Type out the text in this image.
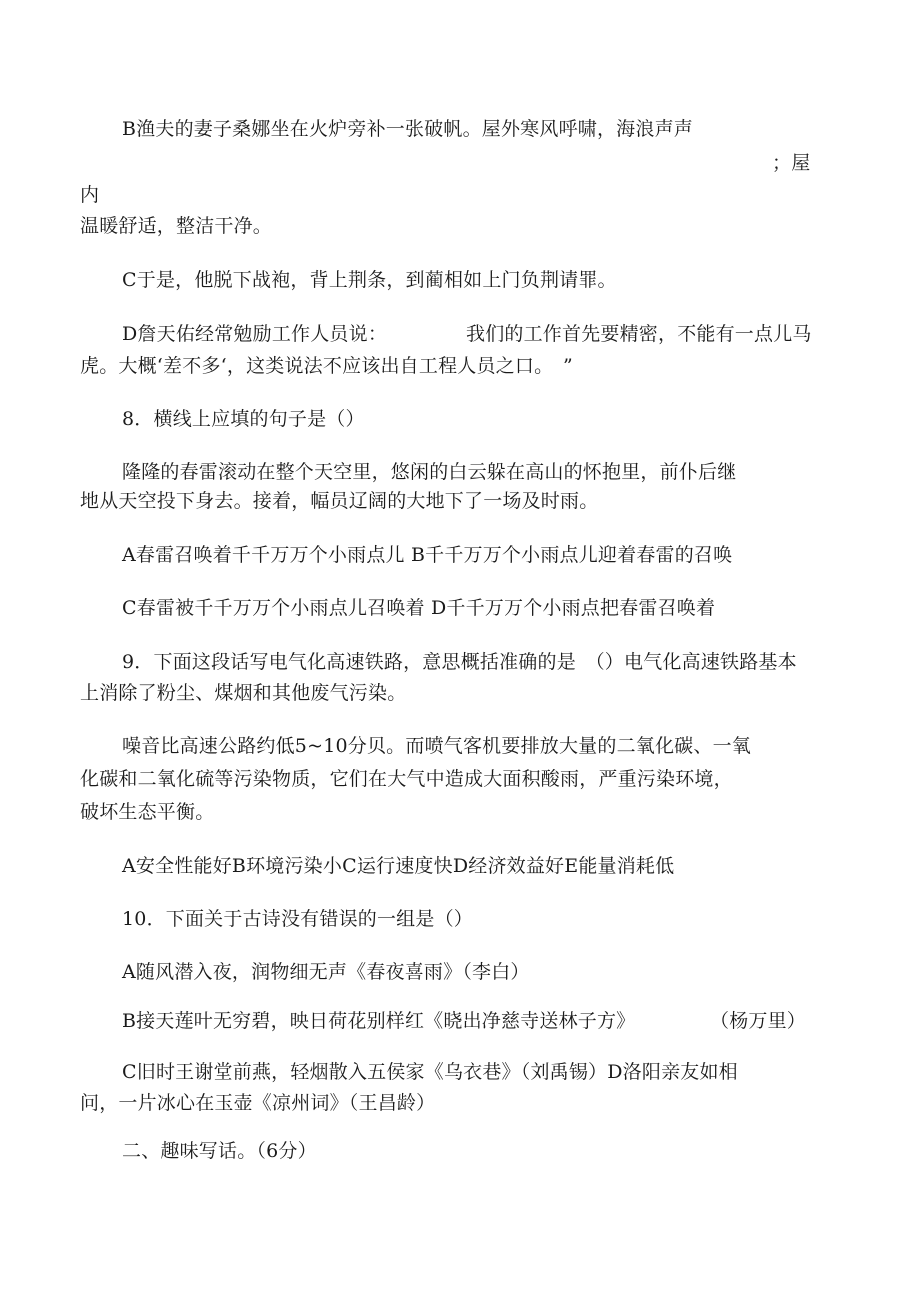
B渔夫的妻子桑娜坐在火炉旁补一张破帆。屋外寒风呼啸，海浪声声
；屋
内
温暖舒适，整洁干净。
C于是，他脱下战袍，背上荆条，到蔺相如上门负荆请罪。
D詹天佑经常勉励工作人员说：	我们的工作首先要精密，不能有一点儿马
虎。大概‘差不多‘，这类说法不应该出自工程人员之口。　”
8．横线上应填的句子是（）
隆隆的春雷滚动在整个天空里，悠闲的白云躲在高山的怀抱里，前仆后继
地从天空投下身去。接着，幅员辽阔的大地下了一场及时雨。
A春雷召唤着千千万万个小雨点儿 B千千万万个小雨点儿迎着春雷的召唤
C春雷被千千万万个小雨点儿召唤着 D千千万万个小雨点把春雷召唤着
9．下面这段话写电气化高速铁路，意思概括准确的是　（）电气化高速铁路基本
上消除了粉尘、煤烟和其他废气污染。
噪音比高速公路约低5~10分贝。而喷气客机要排放大量的二氧化碳、一氧
化碳和二氧化硫等污染物质，它们在大气中造成大面积酸雨，严重污染环境，
破坏生态平衡。
A安全性能好B环境污染小C运行速度快D经济效益好E能量消耗低
10．下面关于古诗没有错误的一组是（）
A随风潜入夜，润物细无声《春夜喜雨》（李白）
B接天莲叶无穷碧，映日荷花别样红《晓出净慈寺送林子方》	（杨万里）
C旧时王谢堂前燕，轻烟散入五侯家《乌衣巷》（刘禹锡）D洛阳亲友如相
问，一片冰心在玉壶《凉州词》（王昌龄）
二、趣味写话。（6分）
